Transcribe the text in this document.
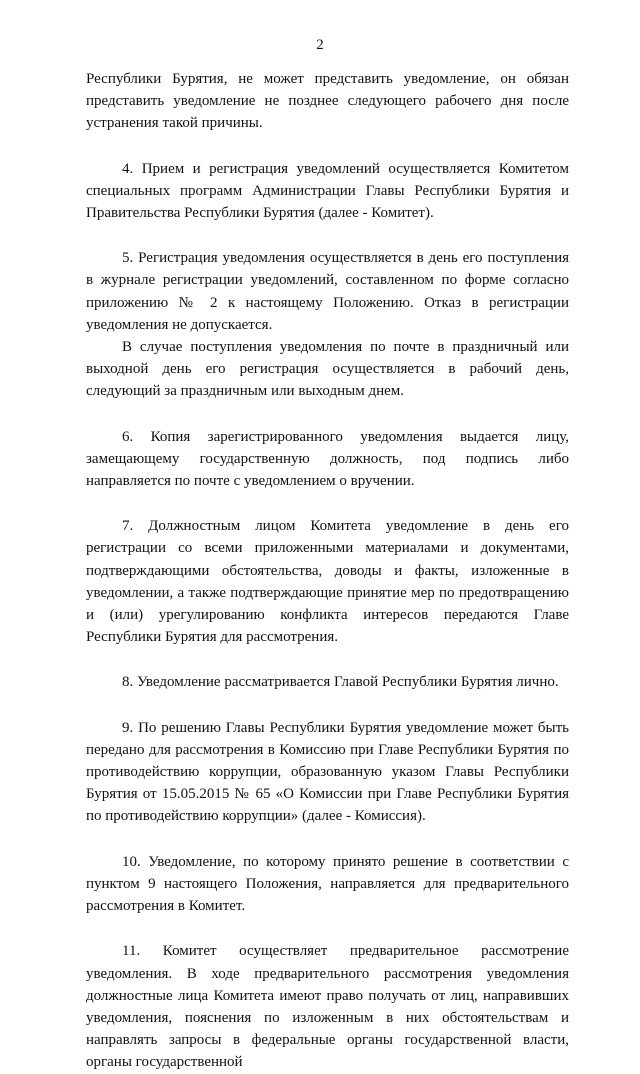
2

Республики Бурятия, не может представить уведомление, он обязан представить уведомление не позднее следующего рабочего дня после устранения такой причины.

4. Прием и регистрация уведомлений осуществляется Комитетом специальных программ Администрации Главы Республики Бурятия и Правительства Республики Бурятия (далее - Комитет).

5. Регистрация уведомления осуществляется в день его поступления в журнале регистрации уведомлений, составленном по форме согласно приложению № 2 к настоящему Положению. Отказ в регистрации уведомления не допускается.

В случае поступления уведомления по почте в праздничный или выходной день его регистрация осуществляется в рабочий день, следующий за праздничным или выходным днем.

6. Копия зарегистрированного уведомления выдается лицу, замещающему государственную должность, под подпись либо направляется по почте с уведомлением о вручении.

7. Должностным лицом Комитета уведомление в день его регистрации со всеми приложенными материалами и документами, подтверждающими обстоятельства, доводы и факты, изложенные в уведомлении, а также подтверждающие принятие мер по предотвращению и (или) урегулированию конфликта интересов передаются Главе Республики Бурятия для рассмотрения.

8. Уведомление рассматривается Главой Республики Бурятия лично.

9. По решению Главы Республики Бурятия уведомление может быть передано для рассмотрения в Комиссию при Главе Республики Бурятия по противодействию коррупции, образованную указом Главы Республики Бурятия от 15.05.2015 № 65 «О Комиссии при Главе Республики Бурятия по противодействию коррупции» (далее - Комиссия).

10. Уведомление, по которому принято решение в соответствии с пунктом 9 настоящего Положения, направляется для предварительного рассмотрения в Комитет.

11. Комитет осуществляет предварительное рассмотрение уведомления. В ходе предварительного рассмотрения уведомления должностные лица Комитета имеют право получать от лиц, направивших уведомления, пояснения по изложенным в них обстоятельствам и направлять запросы в федеральные органы государственной власти, органы государственной
